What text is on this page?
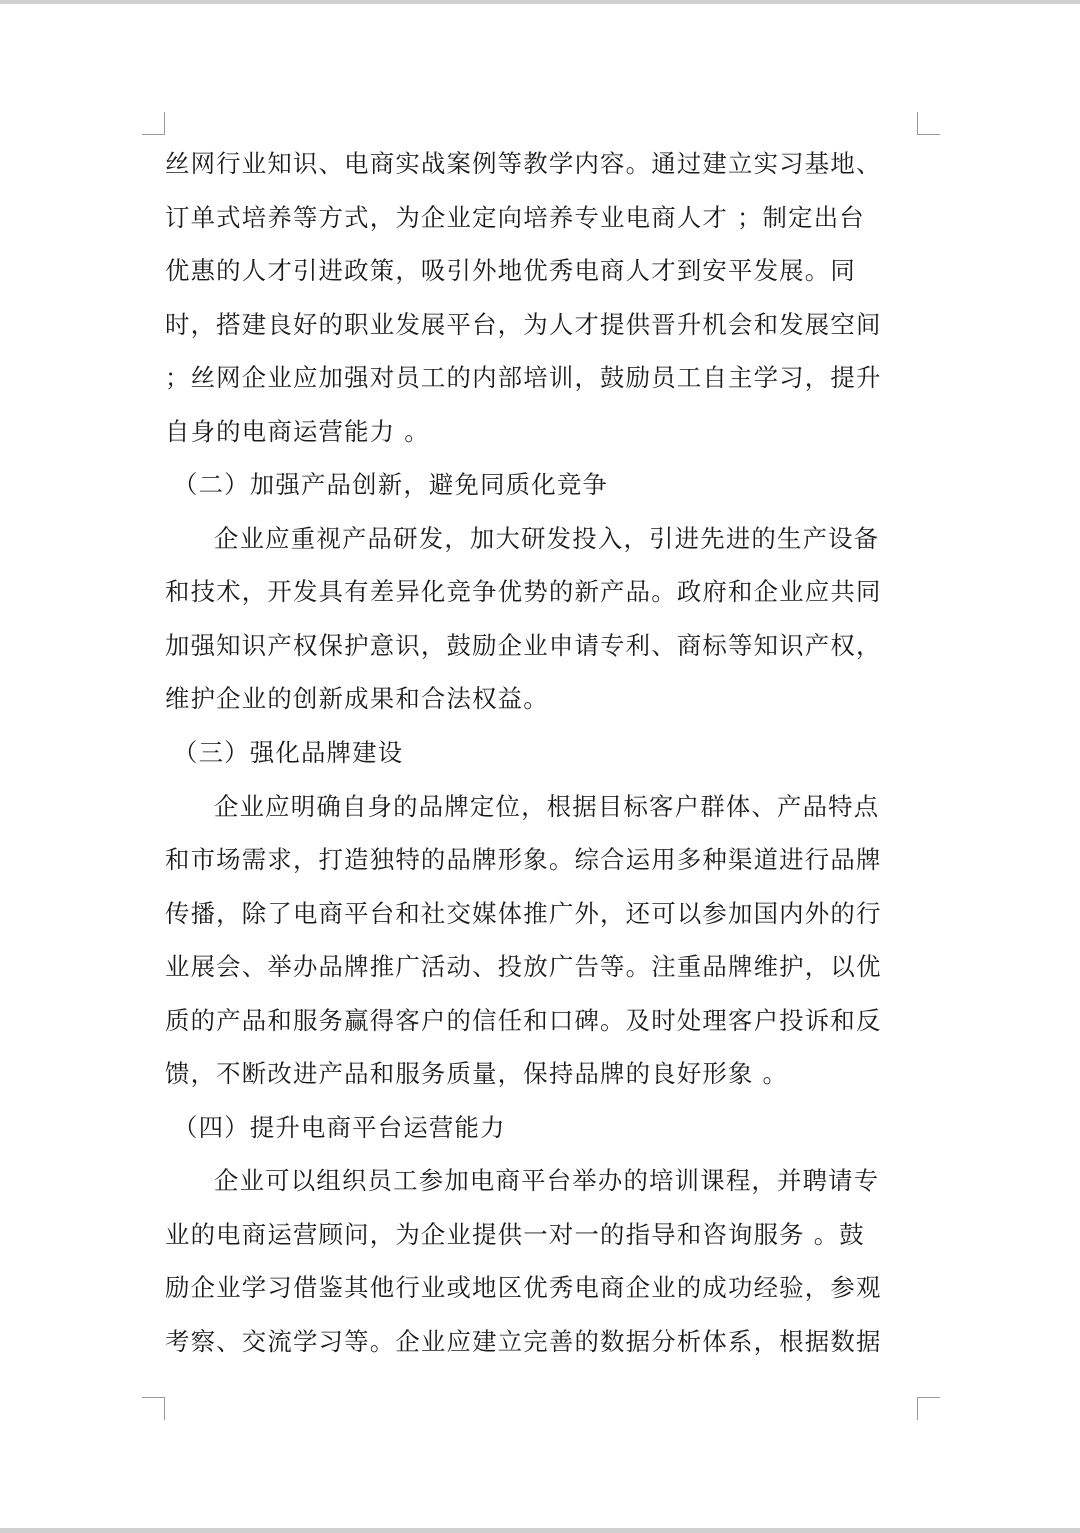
丝网行业知识、电商实战案例等教学内容。通过建立实习基地、
订单式培养等方式，为企业定向培养专业电商人才 ；制定出台
优惠的人才引进政策，吸引外地优秀电商人才到安平发展。同
时，搭建良好的职业发展平台，为人才提供晋升机会和发展空间
；丝网企业应加强对员工的内部培训，鼓励员工自主学习，提升
自身的电商运营能力 。
（二）加强产品创新，避免同质化竞争
企业应重视产品研发，加大研发投入，引进先进的生产设备
和技术，开发具有差异化竞争优势的新产品。政府和企业应共同
加强知识产权保护意识，鼓励企业申请专利、商标等知识产权，
维护企业的创新成果和合法权益。
（三）强化品牌建设
企业应明确自身的品牌定位，根据目标客户群体、产品特点
和市场需求，打造独特的品牌形象。综合运用多种渠道进行品牌
传播，除了电商平台和社交媒体推广外，还可以参加国内外的行
业展会、举办品牌推广活动、投放广告等。注重品牌维护，以优
质的产品和服务赢得客户的信任和口碑。及时处理客户投诉和反
馈，不断改进产品和服务质量，保持品牌的良好形象 。
（四）提升电商平台运营能力
企业可以组织员工参加电商平台举办的培训课程，并聘请专
业的电商运营顾问，为企业提供一对一的指导和咨询服务 。鼓
励企业学习借鉴其他行业或地区优秀电商企业的成功经验，参观
考察、交流学习等。企业应建立完善的数据分析体系，根据数据
